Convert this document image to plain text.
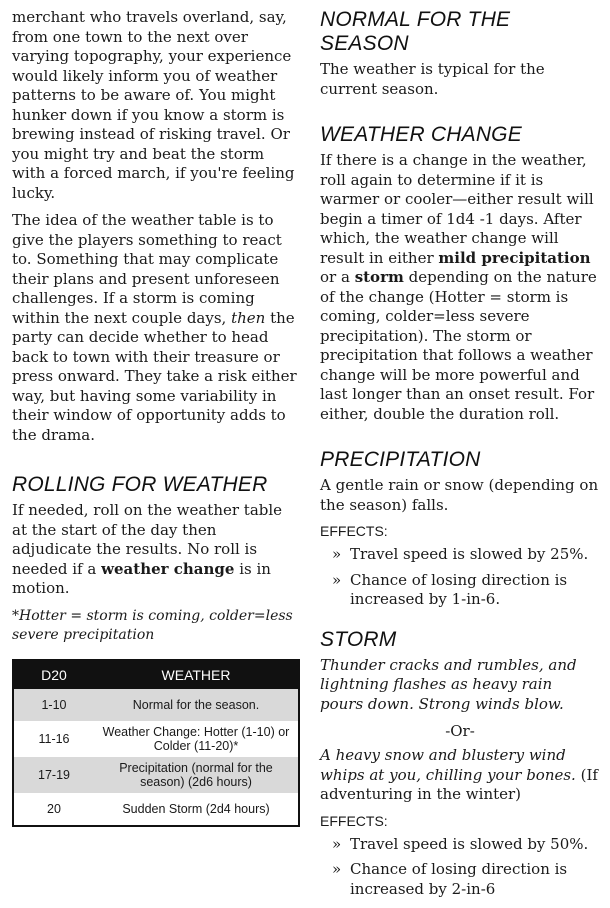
merchant who travels overland, say, from one town to the next over varying topography, your experience would likely inform you of weather patterns to be aware of. You might hunker down if you know a storm is brewing instead of risking travel. Or you might try and beat the storm with a forced march, if you're feeling lucky.

The idea of the weather table is to give the players something to react to. Something that may complicate their plans and present unforeseen challenges. If a storm is coming within the next couple days, then the party can decide whether to head back to town with their treasure or press onward. They take a risk either way, but having some variability in their window of opportunity adds to the drama.

ROLLING FOR WEATHER

If needed, roll on the weather table at the start of the day then adjudicate the results. No roll is needed if a weather change is in motion.

*Hotter = storm is coming, colder=less severe precipitation

D20	WEATHER
1-10	Normal for the season.
11-16	Weather Change: Hotter (1-10) or Colder (11-20)*
17-19	Precipitation (normal for the season) (2d6 hours)
20	Sudden Storm (2d4 hours)
NORMAL FOR THE SEASON

The weather is typical for the current season.

WEATHER CHANGE

If there is a change in the weather, roll again to determine if it is warmer or cooler—either result will begin a timer of 1d4 -1 days. After which, the weather change will result in either mild precipitation or a storm depending on the nature of the change (Hotter = storm is coming, colder=less severe precipitation). The storm or precipitation that follows a weather change will be more powerful and last longer than an onset result. For either, double the duration roll.

PRECIPITATION

A gentle rain or snow (depending on the season) falls.

EFFECTS:
» Travel speed is slowed by 25%.
» Chance of losing direction is increased by 1-in-6.
STORM

Thunder cracks and rumbles, and lightning flashes as heavy rain pours down. Strong winds blow.

-Or-

A heavy snow and blustery wind whips at you, chilling your bones. (If adventuring in the winter)

EFFECTS:
» Travel speed is slowed by 50%.
» Chance of losing direction is increased by 2-in-6
